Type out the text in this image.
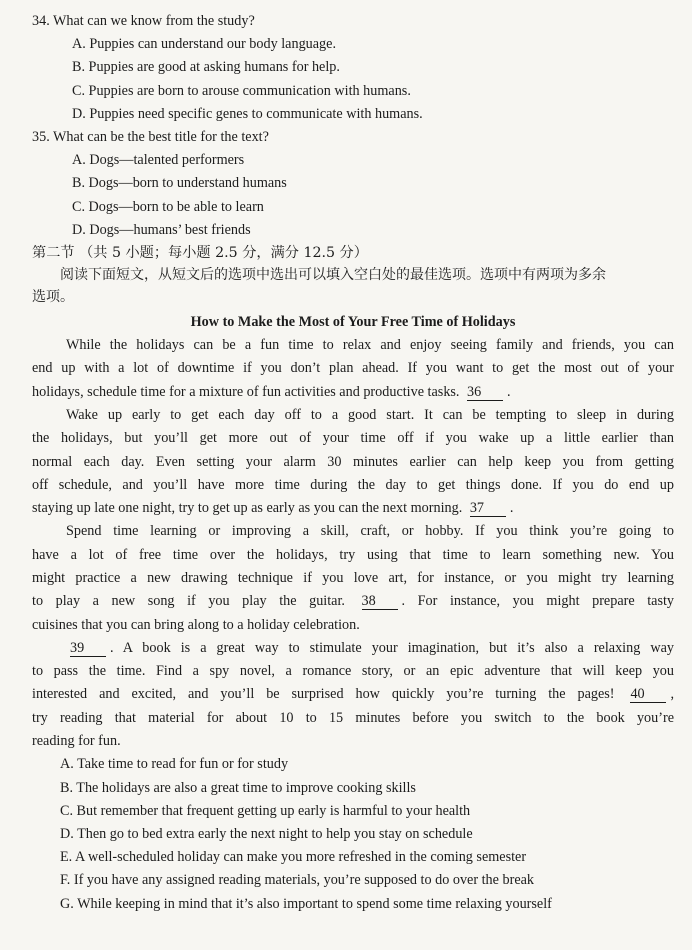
34. What can we know from the study?
A. Puppies can understand our body language.
B. Puppies are good at asking humans for help.
C. Puppies are born to arouse communication with humans.
D. Puppies need specific genes to communicate with humans.
35. What can be the best title for the text?
A. Dogs—talented performers
B. Dogs—born to understand humans
C. Dogs—born to be able to learn
D. Dogs—humans’ best friends
第二节 （共 5 小题；每小题 2.5 分，满分 12.5 分）
阅读下面短文，从短文后的选项中选出可以填入空白处的最佳选项。选项中有两项为多余
选项。
How to Make the Most of Your Free Time of Holidays
While the holidays can be a fun time to relax and enjoy seeing family and friends, you can
end up with a lot of downtime if you don’t plan ahead. If you want to get the most out of your
holidays, schedule time for a mixture of fun activities and productive tasks. 36 .
Wake up early to get each day off to a good start. It can be tempting to sleep in during
the holidays, but you’ll get more out of your time off if you wake up a little earlier than
normal each day. Even setting your alarm 30 minutes earlier can help keep you from getting
off schedule, and you’ll have more time during the day to get things done. If you do end up
staying up late one night, try to get up as early as you can the next morning. 37 .
Spend time learning or improving a skill, craft, or hobby. If you think you’re going to
have a lot of free time over the holidays, try using that time to learn something new. You
might practice a new drawing technique if you love art, for instance, or you might try learning
to play a new song if you play the guitar. 38 . For instance, you might prepare tasty
cuisines that you can bring along to a holiday celebration.
39 . A book is a great way to stimulate your imagination, but it’s also a relaxing way
to pass the time. Find a spy novel, a romance story, or an epic adventure that will keep you
interested and excited, and you’ll be surprised how quickly you’re turning the pages! 40 ,
try reading that material for about 10 to 15 minutes before you switch to the book you’re
reading for fun.
A. Take time to read for fun or for study
B. The holidays are also a great time to improve cooking skills
C. But remember that frequent getting up early is harmful to your health
D. Then go to bed extra early the next night to help you stay on schedule
E. A well-scheduled holiday can make you more refreshed in the coming semester
F. If you have any assigned reading materials, you’re supposed to do over the break
G. While keeping in mind that it’s also important to spend some time relaxing yourself
